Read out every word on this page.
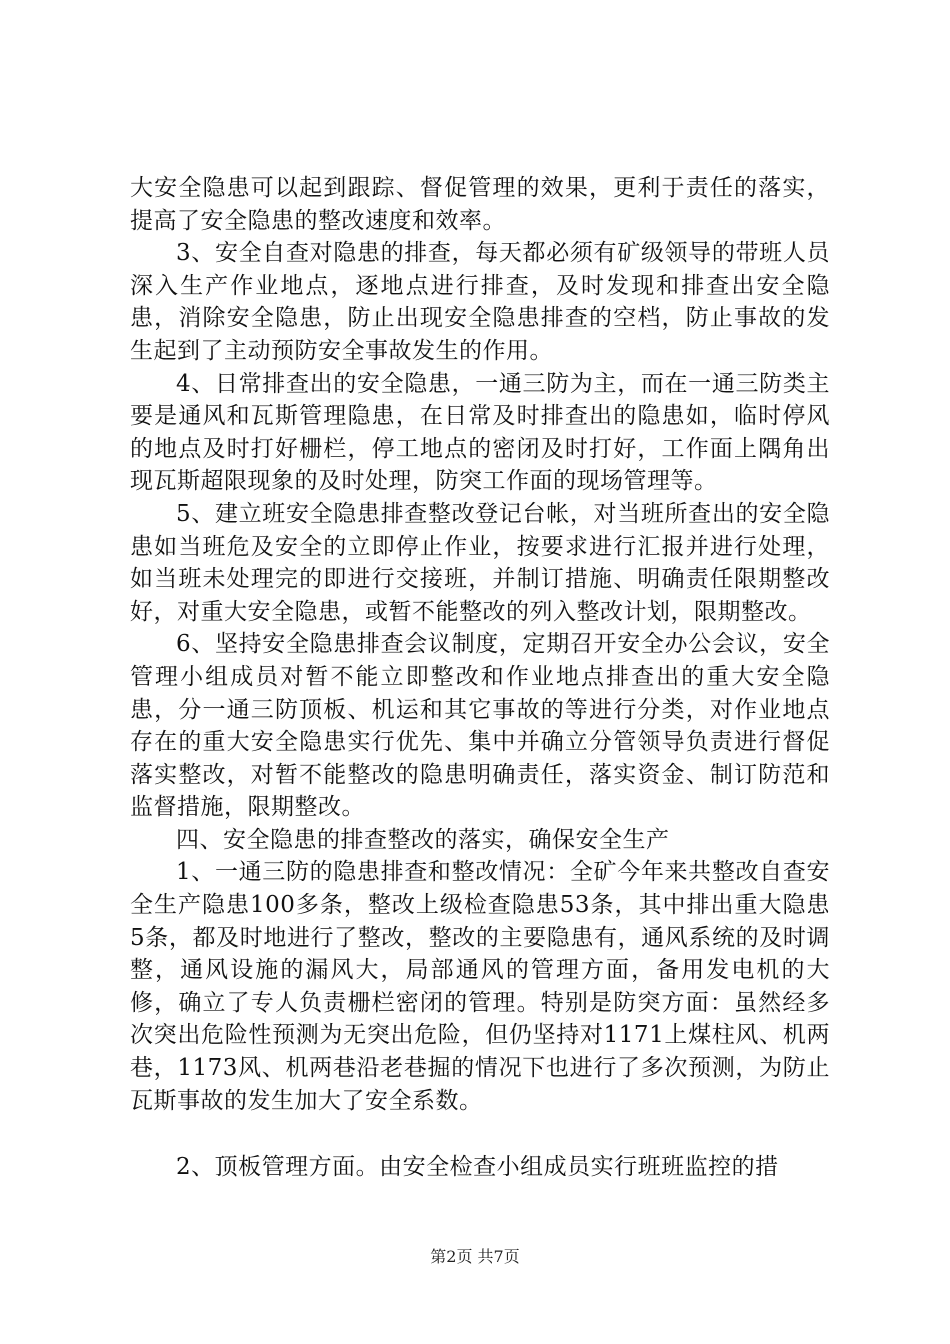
大安全隐患可以起到跟踪、督促管理的效果，更利于责任的落实，提高了安全隐患的整改速度和效率。

3、安全自查对隐患的排查，每天都必须有矿级领导的带班人员深入生产作业地点，逐地点进行排查，及时发现和排查出安全隐患，消除安全隐患，防止出现安全隐患排查的空档，防止事故的发生起到了主动预防安全事故发生的作用。

4、日常排查出的安全隐患，一通三防为主，而在一通三防类主要是通风和瓦斯管理隐患，在日常及时排查出的隐患如，临时停风的地点及时打好栅栏，停工地点的密闭及时打好，工作面上隅角出现瓦斯超限现象的及时处理，防突工作面的现场管理等。

5、建立班安全隐患排查整改登记台帐，对当班所查出的安全隐患如当班危及安全的立即停止作业，按要求进行汇报并进行处理，如当班未处理完的即进行交接班，并制订措施、明确责任限期整改好，对重大安全隐患，或暂不能整改的列入整改计划，限期整改。

6、坚持安全隐患排查会议制度，定期召开安全办公会议，安全管理小组成员对暂不能立即整改和作业地点排查出的重大安全隐患，分一通三防顶板、机运和其它事故的等进行分类，对作业地点存在的重大安全隐患实行优先、集中并确立分管领导负责进行督促落实整改，对暂不能整改的隐患明确责任，落实资金、制订防范和监督措施，限期整改。

四、安全隐患的排查整改的落实，确保安全生产

1、一通三防的隐患排查和整改情况：全矿今年来共整改自查安全生产隐患100多条，整改上级检查隐患53条，其中排出重大隐患5条，都及时地进行了整改，整改的主要隐患有，通风系统的及时调整，通风设施的漏风大，局部通风的管理方面，备用发电机的大修，确立了专人负责栅栏密闭的管理。特别是防突方面：虽然经多次突出危险性预测为无突出危险，但仍坚持对1171上煤柱风、机两巷，1173风、机两巷沿老巷掘的情况下也进行了多次预测，为防止瓦斯事故的发生加大了安全系数。

2、顶板管理方面。由安全检查小组成员实行班班监控的措

第2页 共7页
